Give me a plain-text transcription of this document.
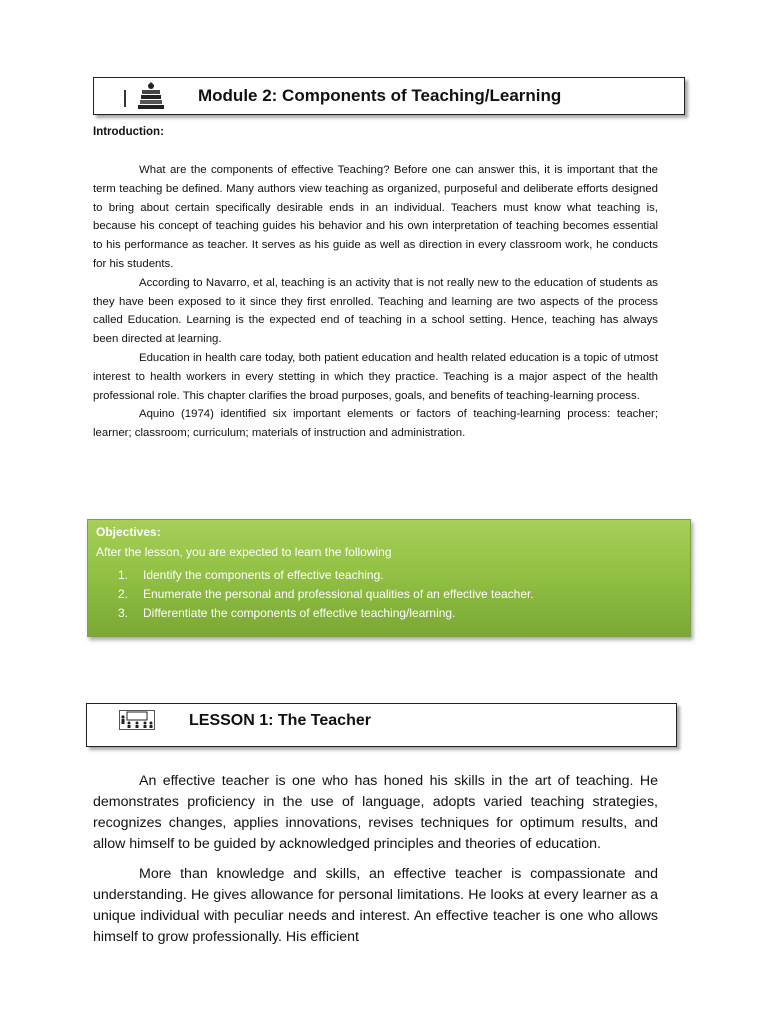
Module 2: Components of Teaching/Learning
Introduction:

What are the components of effective Teaching? Before one can answer this, it is important that the term teaching be defined. Many authors view teaching as organized, purposeful and deliberate efforts designed to bring about certain specifically desirable ends in an individual. Teachers must know what teaching is, because his concept of teaching guides his behavior and his own interpretation of teaching becomes essential to his performance as teacher. It serves as his guide as well as direction in every classroom work, he conducts for his students.

According to Navarro, et al, teaching is an activity that is not really new to the education of students as they have been exposed to it since they first enrolled. Teaching and learning are two aspects of the process called Education. Learning is the expected end of teaching in a school setting. Hence, teaching has always been directed at learning.

Education in health care today, both patient education and health related education is a topic of utmost interest to health workers in every stetting in which they practice. Teaching is a major aspect of the health professional role. This chapter clarifies the broad purposes, goals, and benefits of teaching-learning process.

Aquino (1974) identified six important elements or factors of teaching-learning process: teacher; learner; classroom; curriculum; materials of instruction and administration.

Objectives:
After the lesson, you are expected to learn the following
1. Identify the components of effective teaching.
2. Enumerate the personal and professional qualities of an effective teacher.
3. Differentiate the components of effective teaching/learning.
LESSON 1: The Teacher

An effective teacher is one who has honed his skills in the art of teaching. He demonstrates proficiency in the use of language, adopts varied teaching strategies, recognizes changes, applies innovations, revises techniques for optimum results, and allow himself to be guided by acknowledged principles and theories of education.

More than knowledge and skills, an effective teacher is compassionate and understanding. He gives allowance for personal limitations. He looks at every learner as a unique individual with peculiar needs and interest. An effective teacher is one who allows himself to grow professionally. His efficient
